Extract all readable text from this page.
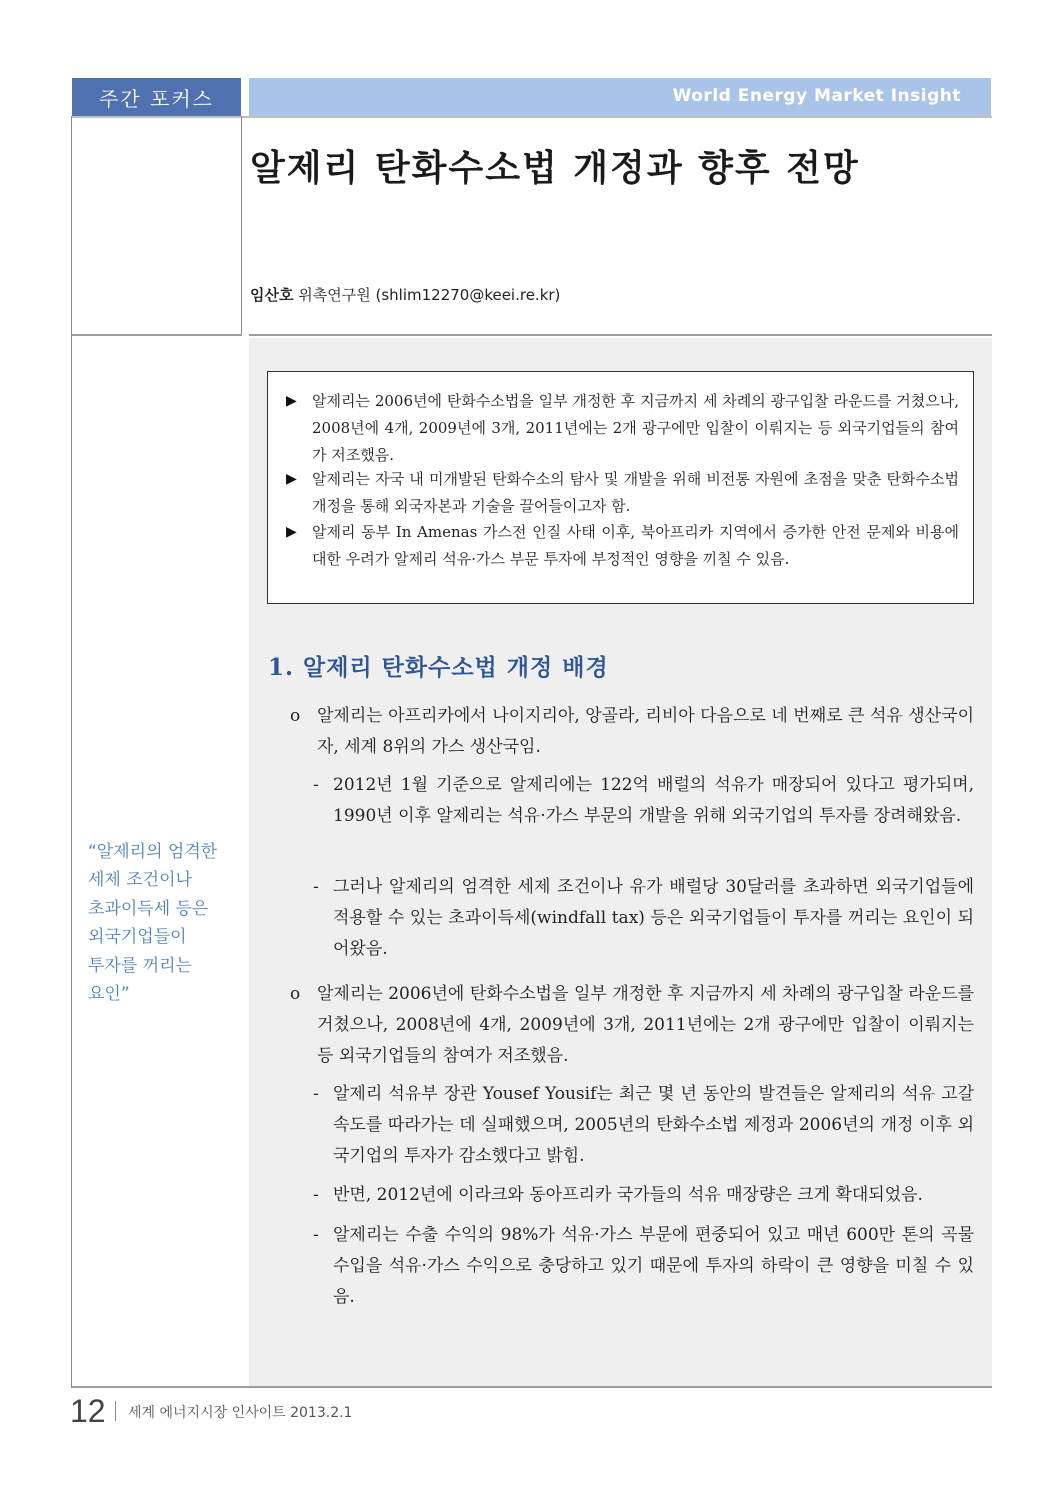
주간 포커스	World Energy Market Insight
알제리 탄화수소법 개정과 향후 전망
임산호 위촉연구원 (shlim12270@keei.re.kr)
▶ 알제리는 2006년에 탄화수소법을 일부 개정한 후 지금까지 세 차례의 광구입찰 라운드를 거쳤으나, 2008년에 4개, 2009년에 3개, 2011년에는 2개 광구에만 입찰이 이뤄지는 등 외국기업들의 참여가 저조했음.
▶ 알제리는 자국 내 미개발된 탄화수소의 탐사 및 개발을 위해 비전통 자원에 초점을 맞춘 탄화수소법 개정을 통해 외국자본과 기술을 끌어들이고자 함.
▶ 알제리 동부 In Amenas 가스전 인질 사태 이후, 북아프리카 지역에서 증가한 안전 문제와 비용에 대한 우려가 알제리 석유·가스 부문 투자에 부정적인 영향을 끼칠 수 있음.
1. 알제리 탄화수소법 개정 배경
o 알제리는 아프리카에서 나이지리아, 앙골라, 리비아 다음으로 네 번째로 큰 석유 생산국이자, 세계 8위의 가스 생산국임.
- 2012년 1월 기준으로 알제리에는 122억 배럴의 석유가 매장되어 있다고 평가되며, 1990년 이후 알제리는 석유·가스 부문의 개발을 위해 외국기업의 투자를 장려해왔음.
- 그러나 알제리의 엄격한 세제 조건이나 유가 배럴당 30달러를 초과하면 외국기업들에 적용할 수 있는 초과이득세(windfall tax) 등은 외국기업들이 투자를 꺼리는 요인이 되어왔음.
o 알제리는 2006년에 탄화수소법을 일부 개정한 후 지금까지 세 차례의 광구입찰 라운드를 거쳤으나, 2008년에 4개, 2009년에 3개, 2011년에는 2개 광구에만 입찰이 이뤄지는 등 외국기업들의 참여가 저조했음.
- 알제리 석유부 장관 Yousef Yousif는 최근 몇 년 동안의 발견들은 알제리의 석유 고갈 속도를 따라가는 데 실패했으며, 2005년의 탄화수소법 제정과 2006년의 개정 이후 외국기업의 투자가 감소했다고 밝힘.
- 반면, 2012년에 이라크와 동아프리카 국가들의 석유 매장량은 크게 확대되었음.
- 알제리는 수출 수익의 98%가 석유·가스 부문에 편중되어 있고 매년 600만 톤의 곡물 수입을 석유·가스 수익으로 충당하고 있기 때문에 투자의 하락이 큰 영향을 미칠 수 있음.
“알제리의 엄격한
세제 조건이나
초과이득세 등은
외국기업들이
투자를 꺼리는
요인”
12 세계 에너지시장 인사이트 2013.2.1
